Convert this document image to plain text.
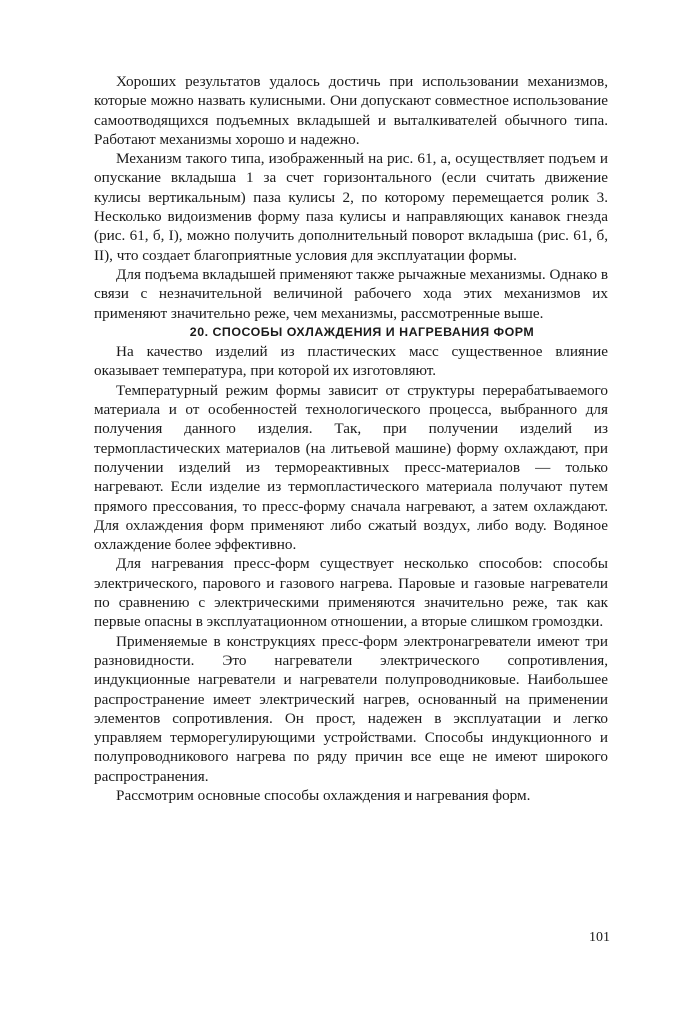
Хороших результатов удалось достичь при использовании механизмов, которые можно назвать кулисными. Они допускают совместное использование самоотводящихся подъемных вкладышей и выталкивателей обычного типа. Работают механизмы хорошо и надежно.

Механизм такого типа, изображенный на рис. 61, а, осуществляет подъем и опускание вкладыша 1 за счет горизонтального (если считать движение кулисы вертикальным) паза кулисы 2, по которому перемещается ролик 3. Несколько видоизменив форму паза кулисы и направляющих канавок гнезда (рис. 61, б, I), можно получить дополнительный поворот вкладыша (рис. 61, б, II), что создает благоприятные условия для эксплуатации формы.

Для подъема вкладышей применяют также рычажные механизмы. Однако в связи с незначительной величиной рабочего хода этих механизмов их применяют значительно реже, чем механизмы, рассмотренные выше.

20. СПОСОБЫ ОХЛАЖДЕНИЯ И НАГРЕВАНИЯ ФОРМ

На качество изделий из пластических масс существенное влияние оказывает температура, при которой их изготовляют.

Температурный режим формы зависит от структуры перерабатываемого материала и от особенностей технологического процесса, выбранного для получения данного изделия. Так, при получении изделий из термопластических материалов (на литьевой машине) форму охлаждают, при получении изделий из термореактивных пресс-материалов — только нагревают. Если изделие из термопластического материала получают путем прямого прессования, то пресс-форму сначала нагревают, а затем охлаждают. Для охлаждения форм применяют либо сжатый воздух, либо воду. Водяное охлаждение более эффективно.

Для нагревания пресс-форм существует несколько способов: способы электрического, парового и газового нагрева. Паровые и газовые нагреватели по сравнению с электрическими применяются значительно реже, так как первые опасны в эксплуатационном отношении, а вторые слишком громоздки.

Применяемые в конструкциях пресс-форм электронагреватели имеют три разновидности. Это нагреватели электрического сопротивления, индукционные нагреватели и нагреватели полупроводниковые. Наибольшее распространение имеет электрический нагрев, основанный на применении элементов сопротивления. Он прост, надежен в эксплуатации и легко управляем терморегулирующими устройствами. Способы индукционного и полупроводникового нагрева по ряду причин все еще не имеют широкого распространения.

Рассмотрим основные способы охлаждения и нагревания форм.

101
